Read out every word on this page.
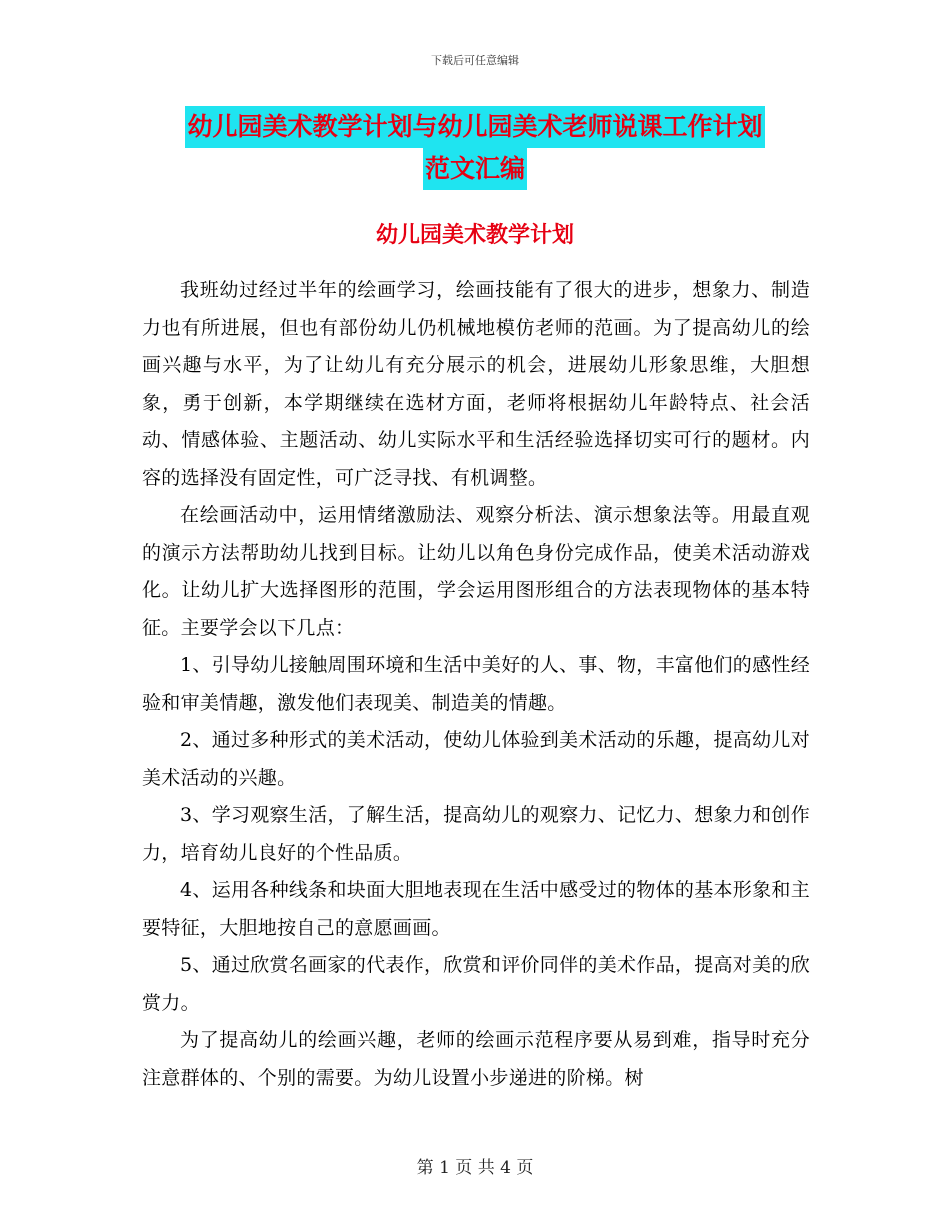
下载后可任意编辑
幼儿园美术教学计划与幼儿园美术老师说课工作计划
范文汇编
幼儿园美术教学计划

我班幼过经过半年的绘画学习，绘画技能有了很大的进步，想象力、制造力也有所进展，但也有部份幼儿仍机械地模仿老师的范画。为了提高幼儿的绘画兴趣与水平，为了让幼儿有充分展示的机会，进展幼儿形象思维，大胆想象，勇于创新，本学期继续在选材方面，老师将根据幼儿年龄特点、社会活动、情感体验、主题活动、幼儿实际水平和生活经验选择切实可行的题材。内容的选择没有固定性，可广泛寻找、有机调整。

在绘画活动中，运用情绪激励法、观察分析法、演示想象法等。用最直观的演示方法帮助幼儿找到目标。让幼儿以角色身份完成作品，使美术活动游戏化。让幼儿扩大选择图形的范围，学会运用图形组合的方法表现物体的基本特征。主要学会以下几点：

1、引导幼儿接触周围环境和生活中美好的人、事、物，丰富他们的感性经验和审美情趣，激发他们表现美、制造美的情趣。

2、通过多种形式的美术活动，使幼儿体验到美术活动的乐趣，提高幼儿对美术活动的兴趣。

3、学习观察生活，了解生活，提高幼儿的观察力、记忆力、想象力和创作力，培育幼儿良好的个性品质。

4、运用各种线条和块面大胆地表现在生活中感受过的物体的基本形象和主要特征，大胆地按自己的意愿画画。

5、通过欣赏名画家的代表作，欣赏和评价同伴的美术作品，提高对美的欣赏力。

为了提高幼儿的绘画兴趣，老师的绘画示范程序要从易到难，指导时充分注意群体的、个别的需要。为幼儿设置小步递进的阶梯。树

第 1 页 共 4 页
